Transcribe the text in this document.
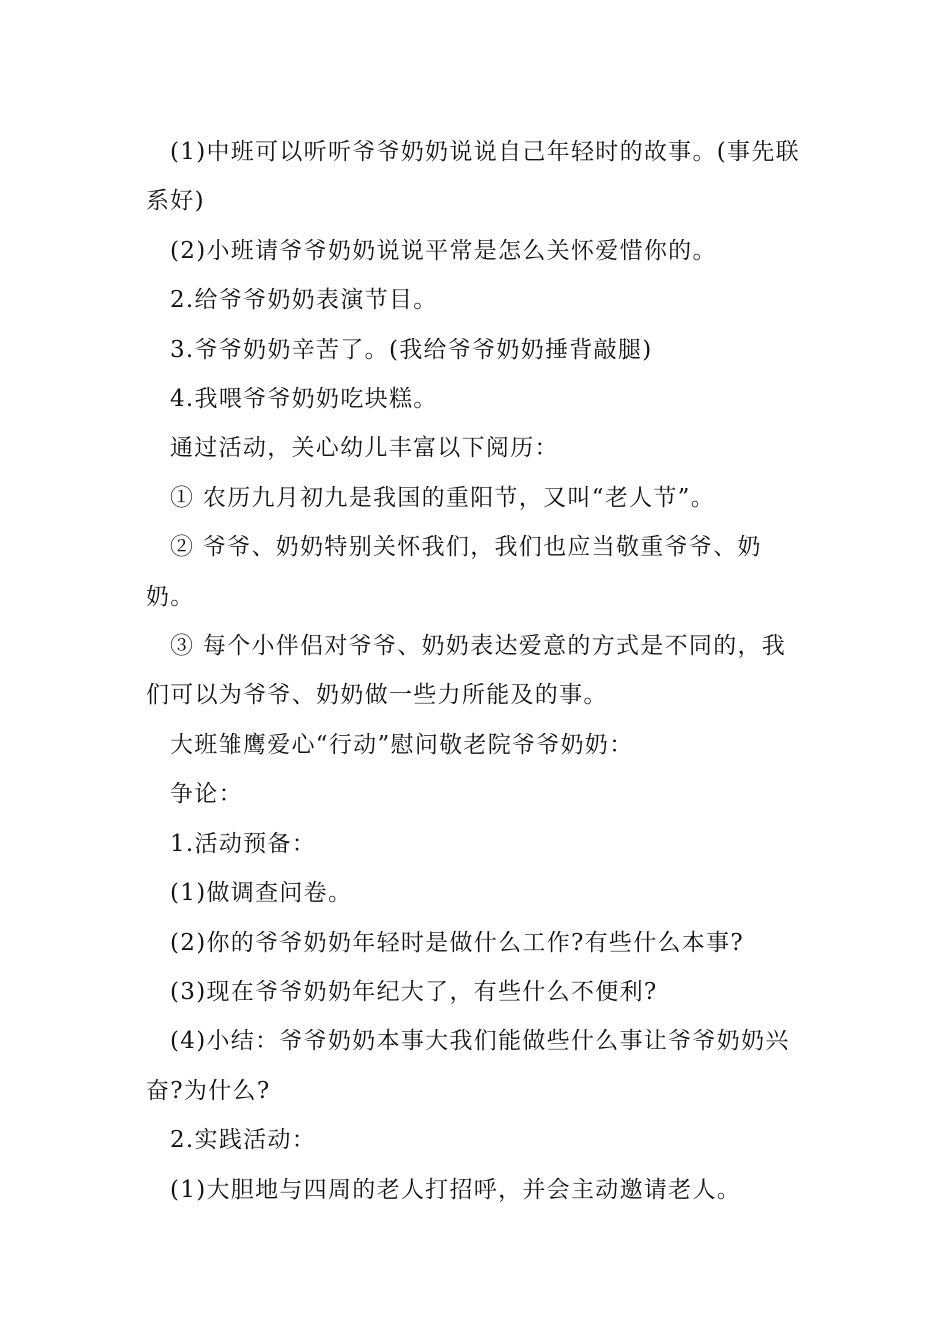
(1)中班可以听听爷爷奶奶说说自己年轻时的故事。(事先联系好)

(2)小班请爷爷奶奶说说平常是怎么关怀爱惜你的。

2.给爷爷奶奶表演节目。

3.爷爷奶奶辛苦了。(我给爷爷奶奶捶背敲腿)

4.我喂爷爷奶奶吃块糕。

通过活动，关心幼儿丰富以下阅历：

① 农历九月初九是我国的重阳节，又叫“老人节”。

② 爷爷、奶奶特别关怀我们，我们也应当敬重爷爷、奶奶。

③ 每个小伴侣对爷爷、奶奶表达爱意的方式是不同的，我们可以为爷爷、奶奶做一些力所能及的事。

大班雏鹰爱心“行动”慰问敬老院爷爷奶奶：

争论：

1.活动预备：

(1)做调查问卷。

(2)你的爷爷奶奶年轻时是做什么工作?有些什么本事?

(3)现在爷爷奶奶年纪大了，有些什么不便利?

(4)小结：爷爷奶奶本事大我们能做些什么事让爷爷奶奶兴奋?为什么?

2.实践活动：

(1)大胆地与四周的老人打招呼，并会主动邀请老人。
